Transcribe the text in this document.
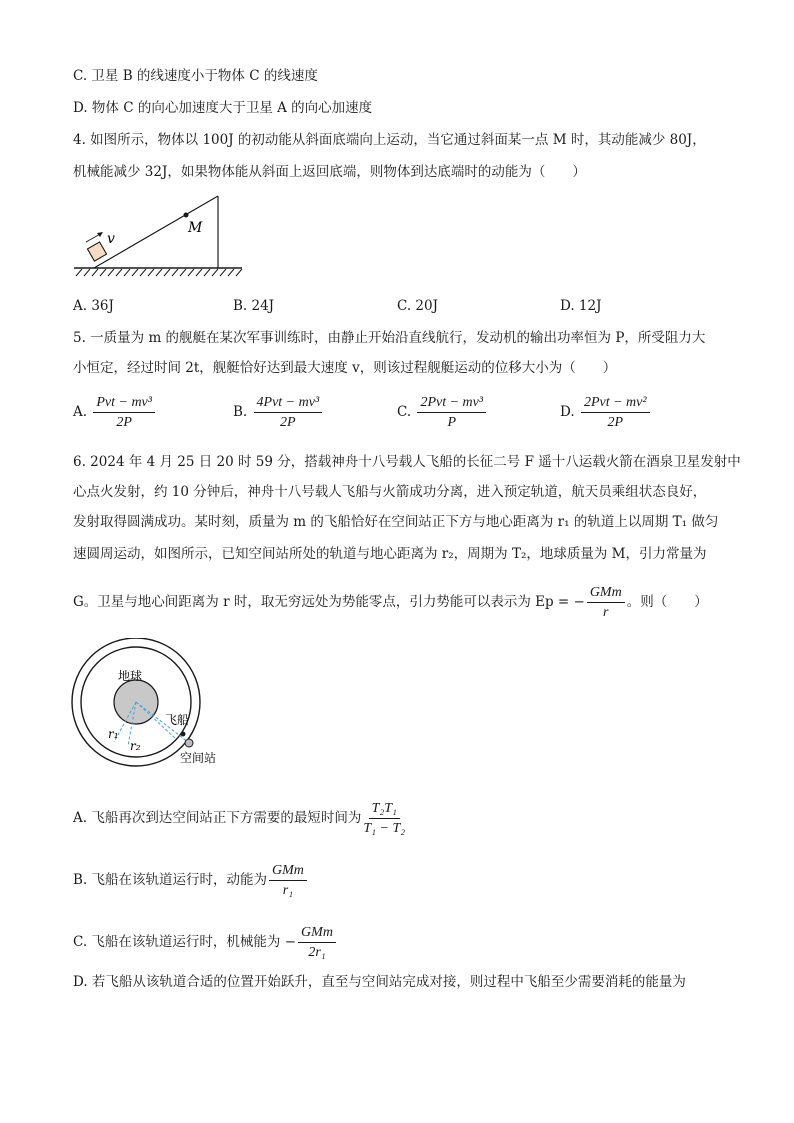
C. 卫星 B 的线速度小于物体 C 的线速度
D. 物体 C 的向心加速度大于卫星 A 的向心加速度
4. 如图所示，物体以 100J 的初动能从斜面底端向上运动，当它通过斜面某一点 M 时，其动能减少 80J，
机械能减少 32J，如果物体能从斜面上返回底端，则物体到达底端时的动能为（　　）
v
M
A. 36J	B. 24J	C. 20J	D. 12J
5. 一质量为 m 的舰艇在某次军事训练时，由静止开始沿直线航行，发动机的输出功率恒为 P，所受阻力大
小恒定，经过时间 2t，舰艇恰好达到最大速度 v，则该过程舰艇运动的位移大小为（　　）
A. $\frac{\text{Pvt − mv³}}{2P}$	B. $\frac{\text{4Pvt − mv³}}{2P}$	C. $\frac{\text{2Pvt − mv³}}{P}$	D. $\frac{\text{2Pvt − mv²}}{2P}$
6. 2024 年 4 月 25 日 20 时 59 分，搭载神舟十八号载人飞船的长征二号 F 遥十八运载火箭在酒泉卫星发射中
心点火发射，约 10 分钟后，神舟十八号载人飞船与火箭成功分离，进入预定轨道，航天员乘组状态良好，
发射取得圆满成功。某时刻，质量为 m 的飞船恰好在空间站正下方与地心距离为 r₁ 的轨道上以周期 T₁ 做匀
速圆周运动，如图所示，已知空间站所处的轨道与地心距离为 r₂，周期为 T₂，地球质量为 M，引力常量为
G。卫星与地心间距离为 r 时，取无穷远处为势能零点，引力势能可以表示为 Ep = − $\frac{\text{GMm}}{r}$ 。则（　　）
地球
飞船
空间站
r₁
r₂
A. 飞船再次到达空间站正下方需要的最短时间为 $\frac{\text{T₂T₁}}{\text{T₁ − T₂}}$
B. 飞船在该轨道运行时，动能为 $\frac{\text{GMm}}{\text{r₁}}$
C. 飞船在该轨道运行时，机械能为 − $\frac{\text{GMm}}{\text{2r₁}}$
D. 若飞船从该轨道合适的位置开始跃升，直至与空间站完成对接，则过程中飞船至少需要消耗的能量为
